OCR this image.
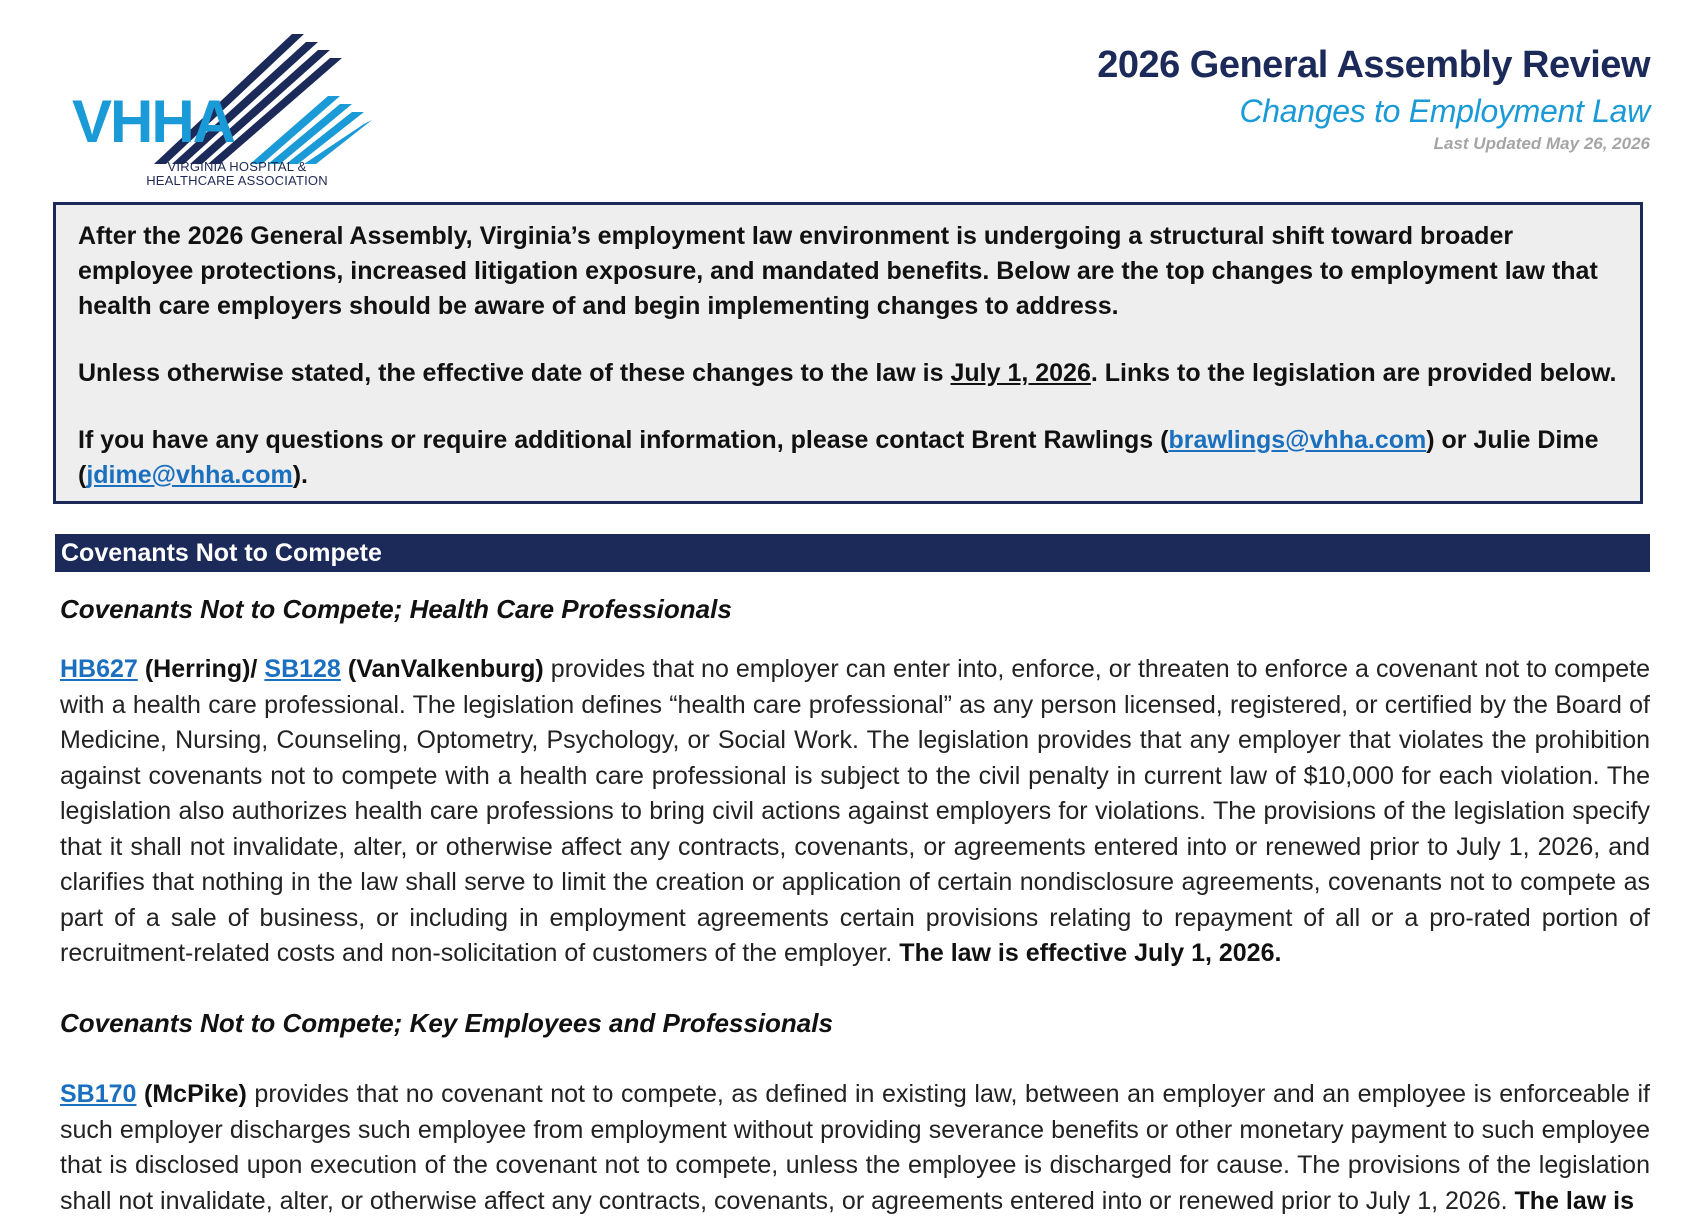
VHHA
VIRGINIA HOSPITAL &
HEALTHCARE ASSOCIATION
2026 General Assembly Review
Changes to Employment Law
Last Updated May 26, 2026

After the 2026 General Assembly, Virginia’s employment law environment is undergoing a structural shift toward broader employee protections, increased litigation exposure, and mandated benefits. Below are the top changes to employment law that health care employers should be aware of and begin implementing changes to address.

Unless otherwise stated, the effective date of these changes to the law is July 1, 2026. Links to the legislation are provided below.

If you have any questions or require additional information, please contact Brent Rawlings (brawlings@vhha.com) or Julie Dime (jdime@vhha.com).

Covenants Not to Compete
Covenants Not to Compete; Health Care Professionals

HB627 (Herring)/ SB128 (VanValkenburg) provides that no employer can enter into, enforce, or threaten to enforce a covenant not to compete with a health care professional. The legislation defines “health care professional” as any person licensed, registered, or certified by the Board of Medicine, Nursing, Counseling, Optometry, Psychology, or Social Work. The legislation provides that any employer that violates the prohibition against covenants not to compete with a health care professional is subject to the civil penalty in current law of $10,000 for each violation. The legislation also authorizes health care professions to bring civil actions against employers for violations. The provisions of the legislation specify that it shall not invalidate, alter, or otherwise affect any contracts, covenants, or agreements entered into or renewed prior to July 1, 2026, and clarifies that nothing in the law shall serve to limit the creation or application of certain nondisclosure agreements, covenants not to compete as part of a sale of business, or including in employment agreements certain provisions relating to repayment of all or a pro-rated portion of recruitment-related costs and non-solicitation of customers of the employer. The law is effective July 1, 2026.

Covenants Not to Compete; Key Employees and Professionals

SB170 (McPike) provides that no covenant not to compete, as defined in existing law, between an employer and an employee is enforceable if such employer discharges such employee from employment without providing severance benefits or other monetary payment to such employee that is disclosed upon execution of the covenant not to compete, unless the employee is discharged for cause. The provisions of the legislation shall not invalidate, alter, or otherwise affect any contracts, covenants, or agreements entered into or renewed prior to July 1, 2026. The law is
